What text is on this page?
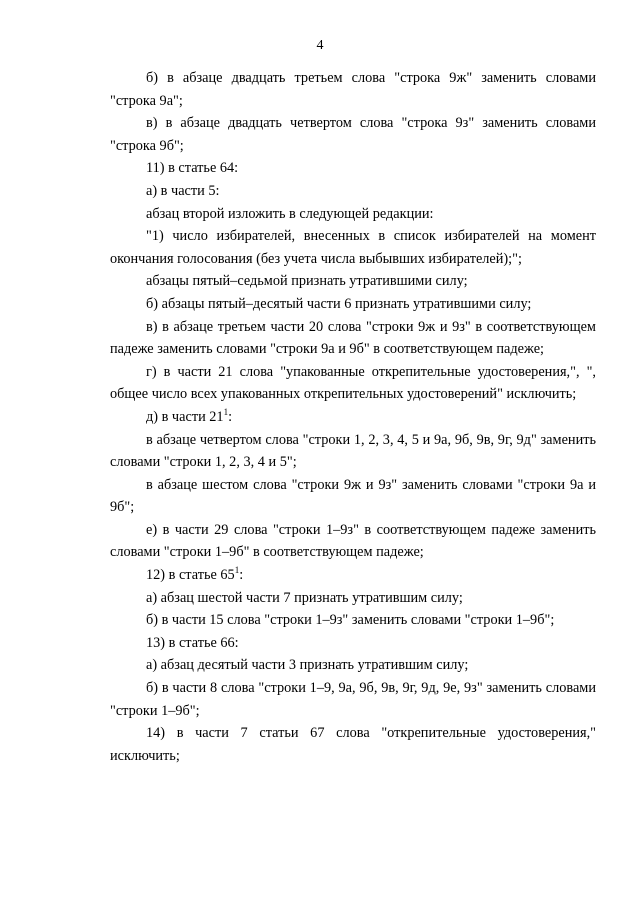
4

б) в абзаце двадцать третьем слова "строка 9ж" заменить словами "строка 9а";

в) в абзаце двадцать четвертом слова "строка 9з" заменить словами "строка 9б";

11) в статье 64:

а) в части 5:

абзац второй изложить в следующей редакции:

"1) число избирателей, внесенных в список избирателей на момент окончания голосования (без учета числа выбывших избирателей);";

абзацы пятый–седьмой признать утратившими силу;

б) абзацы пятый–десятый части 6 признать утратившими силу;

в) в абзаце третьем части 20 слова "строки 9ж и 9з" в соответствующем падеже заменить словами "строки 9а и 9б" в соответствующем падеже;

г) в части 21 слова "упакованные открепительные удостоверения,", ", общее число всех упакованных открепительных удостоверений" исключить;

д) в части $21^1$:

в абзаце четвертом слова "строки 1, 2, 3, 4, 5 и 9а, 9б, 9в, 9г, 9д" заменить словами "строки 1, 2, 3, 4 и 5";

в абзаце шестом слова "строки 9ж и 9з" заменить словами "строки 9а и 9б";

е) в части 29 слова "строки 1–9з" в соответствующем падеже заменить словами "строки 1–9б" в соответствующем падеже;

12) в статье $65^1$:

а) абзац шестой части 7 признать утратившим силу;

б) в части 15 слова "строки 1–9з" заменить словами "строки 1–9б";

13) в статье 66:

а) абзац десятый части 3 признать утратившим силу;

б) в части 8 слова "строки 1–9, 9а, 9б, 9в, 9г, 9д, 9е, 9з" заменить словами "строки 1–9б";

14) в части 7 статьи 67 слова "открепительные удостоверения," исключить;
